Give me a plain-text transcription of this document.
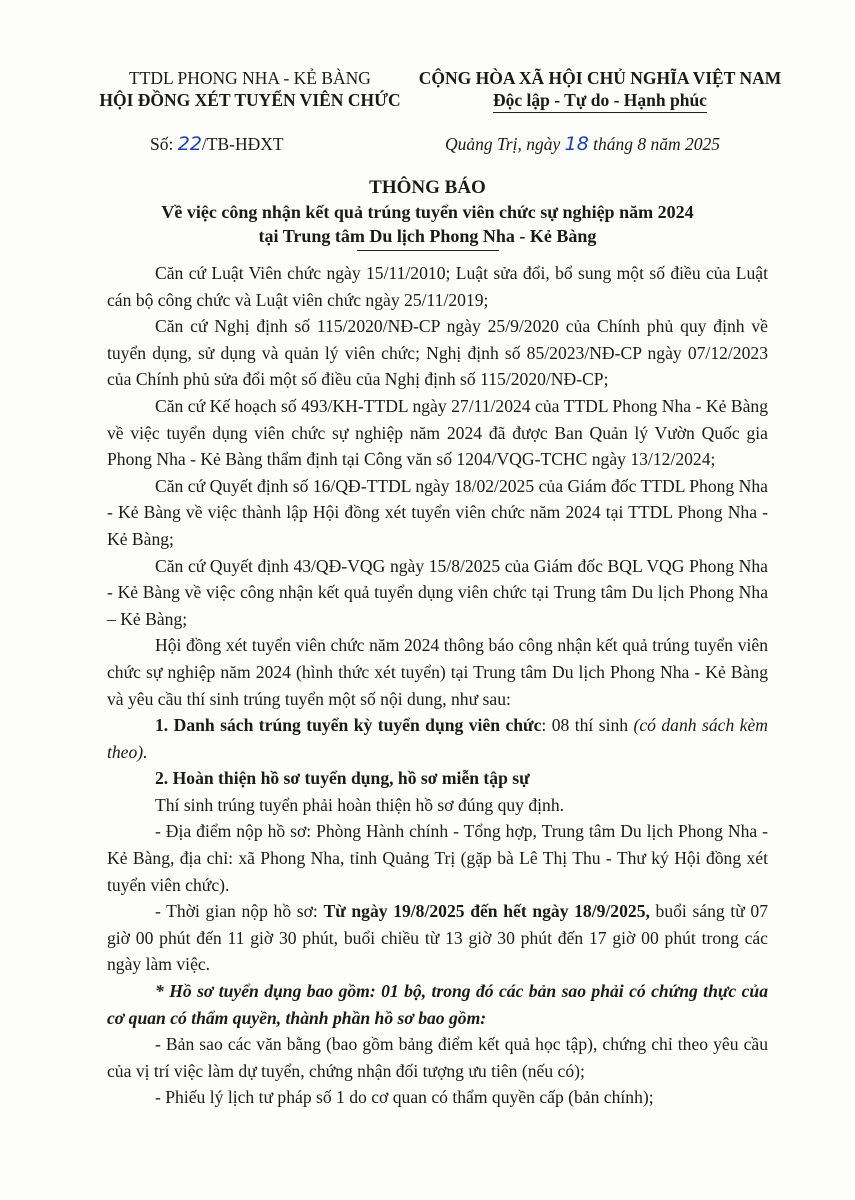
TTDL PHONG NHA - KẺ BÀNG
HỘI ĐỒNG XÉT TUYỂN VIÊN CHỨC
CỘNG HÒA XÃ HỘI CHỦ NGHĨA VIỆT NAM
Độc lập - Tự do - Hạnh phúc
Số: 22/TB-HĐXT	Quảng Trị, ngày 18 tháng 8 năm 2025
THÔNG BÁO
Về việc công nhận kết quả trúng tuyển viên chức sự nghiệp năm 2024
tại Trung tâm Du lịch Phong Nha - Kẻ Bàng

Căn cứ Luật Viên chức ngày 15/11/2010; Luật sửa đổi, bổ sung một số điều của Luật cán bộ công chức và Luật viên chức ngày 25/11/2019;

Căn cứ Nghị định số 115/2020/NĐ-CP ngày 25/9/2020 của Chính phủ quy định về tuyển dụng, sử dụng và quản lý viên chức; Nghị định số 85/2023/NĐ-CP ngày 07/12/2023 của Chính phủ sửa đổi một số điều của Nghị định số 115/2020/NĐ-CP;

Căn cứ Kế hoạch số 493/KH-TTDL ngày 27/11/2024 của TTDL Phong Nha - Kẻ Bàng về việc tuyển dụng viên chức sự nghiệp năm 2024 đã được Ban Quản lý Vườn Quốc gia Phong Nha - Kẻ Bàng thẩm định tại Công văn số 1204/VQG-TCHC ngày 13/12/2024;

Căn cứ Quyết định số 16/QĐ-TTDL ngày 18/02/2025 của Giám đốc TTDL Phong Nha - Kẻ Bàng về việc thành lập Hội đồng xét tuyển viên chức năm 2024 tại TTDL Phong Nha - Kẻ Bàng;

Căn cứ Quyết định 43/QĐ-VQG ngày 15/8/2025 của Giám đốc BQL VQG Phong Nha - Kẻ Bàng về việc công nhận kết quả tuyển dụng viên chức tại Trung tâm Du lịch Phong Nha – Kẻ Bàng;

Hội đồng xét tuyển viên chức năm 2024 thông báo công nhận kết quả trúng tuyển viên chức sự nghiệp năm 2024 (hình thức xét tuyển) tại Trung tâm Du lịch Phong Nha - Kẻ Bàng và yêu cầu thí sinh trúng tuyển một số nội dung, như sau:

1. Danh sách trúng tuyển kỳ tuyển dụng viên chức: 08 thí sinh (có danh sách kèm theo).

2. Hoàn thiện hồ sơ tuyển dụng, hồ sơ miễn tập sự

Thí sinh trúng tuyển phải hoàn thiện hồ sơ đúng quy định.

- Địa điểm nộp hồ sơ: Phòng Hành chính - Tổng hợp, Trung tâm Du lịch Phong Nha - Kẻ Bàng, địa chỉ: xã Phong Nha, tỉnh Quảng Trị (gặp bà Lê Thị Thu - Thư ký Hội đồng xét tuyển viên chức).

- Thời gian nộp hồ sơ: Từ ngày 19/8/2025 đến hết ngày 18/9/2025, buổi sáng từ 07 giờ 00 phút đến 11 giờ 30 phút, buổi chiều từ 13 giờ 30 phút đến 17 giờ 00 phút trong các ngày làm việc.

* Hồ sơ tuyển dụng bao gồm: 01 bộ, trong đó các bản sao phải có chứng thực của cơ quan có thẩm quyền, thành phần hồ sơ bao gồm:

- Bản sao các văn bằng (bao gồm bảng điểm kết quả học tập), chứng chỉ theo yêu cầu của vị trí việc làm dự tuyển, chứng nhận đối tượng ưu tiên (nếu có);

- Phiếu lý lịch tư pháp số 1 do cơ quan có thẩm quyền cấp (bản chính);
